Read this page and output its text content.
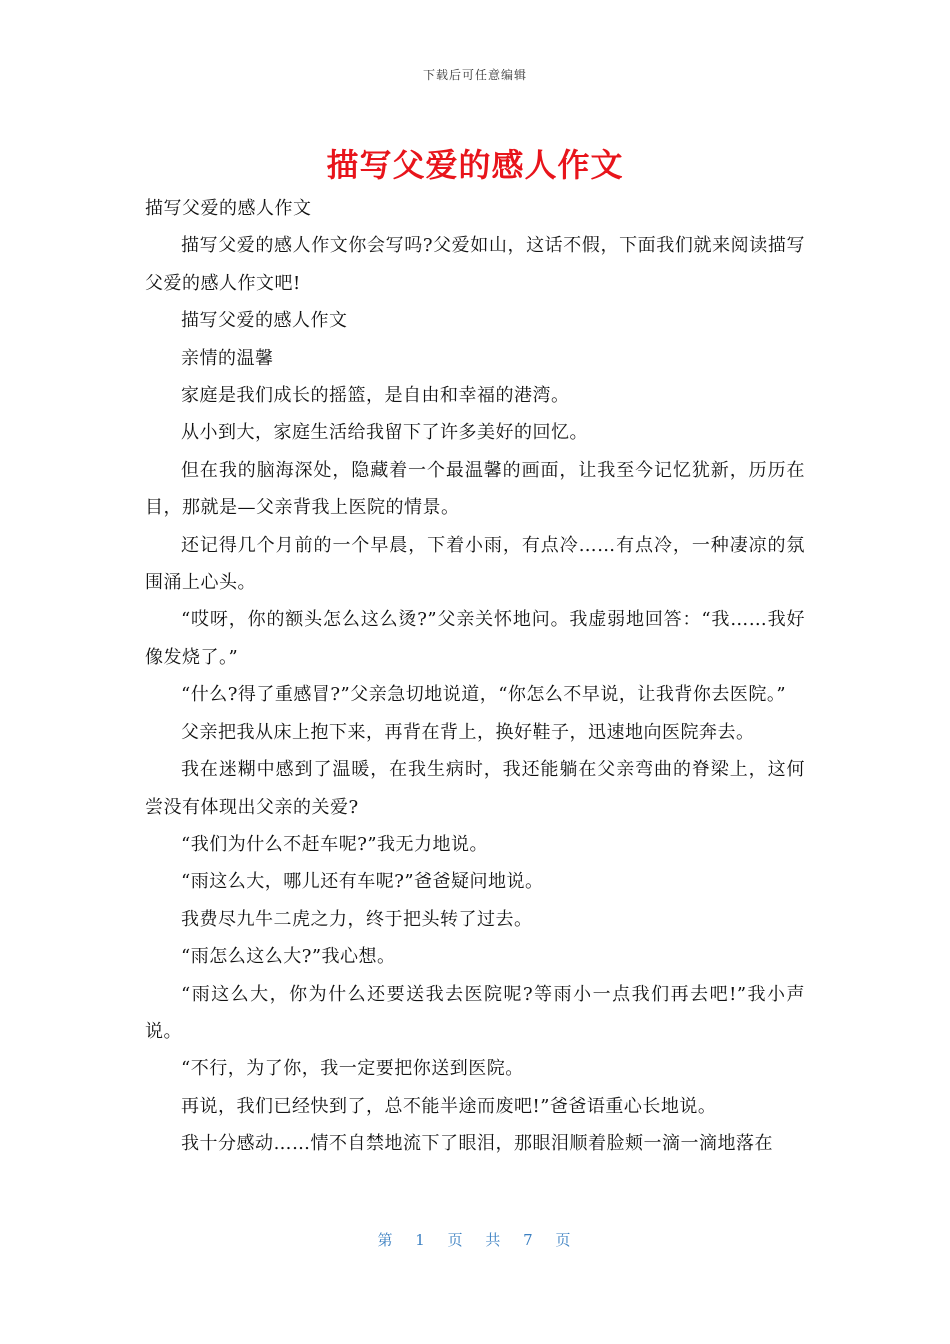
下载后可任意编辑
描写父爱的感人作文

描写父爱的感人作文

描写父爱的感人作文你会写吗?父爱如山，这话不假，下面我们就来阅读描写父爱的感人作文吧!

描写父爱的感人作文

亲情的温馨

家庭是我们成长的摇篮，是自由和幸福的港湾。

从小到大，家庭生活给我留下了许多美好的回忆。

但在我的脑海深处，隐藏着一个最温馨的画面，让我至今记忆犹新，历历在目，那就是—父亲背我上医院的情景。

还记得几个月前的一个早晨，下着小雨，有点冷……有点冷，一种凄凉的氛围涌上心头。

“哎呀，你的额头怎么这么烫?”父亲关怀地问。我虚弱地回答：“我……我好像发烧了。”

“什么?得了重感冒?”父亲急切地说道，“你怎么不早说，让我背你去医院。”

父亲把我从床上抱下来，再背在背上，换好鞋子，迅速地向医院奔去。

我在迷糊中感到了温暖，在我生病时，我还能躺在父亲弯曲的脊梁上，这何尝没有体现出父亲的关爱?

“我们为什么不赶车呢?”我无力地说。

“雨这么大，哪儿还有车呢?”爸爸疑问地说。

我费尽九牛二虎之力，终于把头转了过去。

“雨怎么这么大?”我心想。

“雨这么大，你为什么还要送我去医院呢?等雨小一点我们再去吧!”我小声说。

“不行，为了你，我一定要把你送到医院。

再说，我们已经快到了，总不能半途而废吧!”爸爸语重心长地说。

我十分感动……情不自禁地流下了眼泪，那眼泪顺着脸颊一滴一滴地落在

第 1 页 共 7 页
